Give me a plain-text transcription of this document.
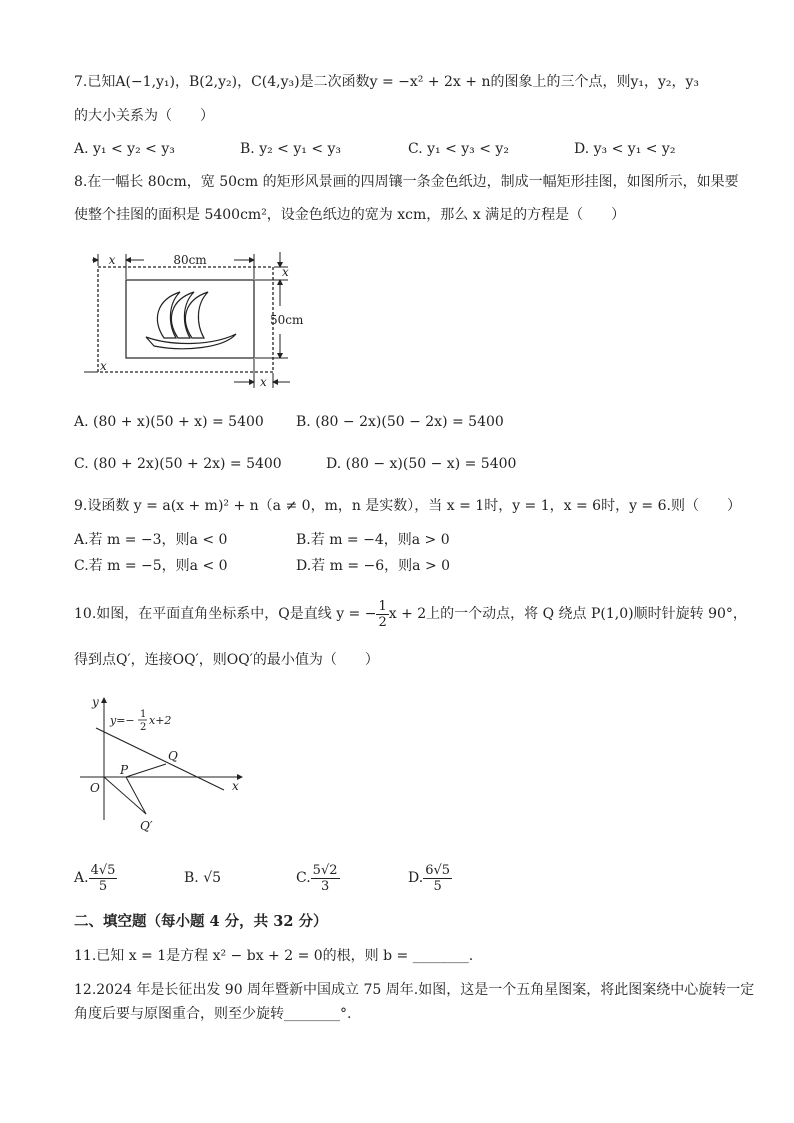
7.已知A(−1,y₁)，B(2,y₂)，C(4,y₃)是二次函数y = −x² + 2x + n的图象上的三个点，则y₁，y₂，y₃
的大小关系为（　　）
A. y₁ < y₂ < y₃	B. y₂ < y₁ < y₃	C. y₁ < y₃ < y₂	D. y₃ < y₁ < y₂
8.在一幅长 80cm，宽 50cm 的矩形风景画的四周镶一条金色纸边，制成一幅矩形挂图，如图所示，如果要
使整个挂图的面积是 5400cm²，设金色纸边的宽为 xcm，那么 x 满足的方程是（　　）
x	80cm
x
50cm
x
x
A. (80 + x)(50 + x) = 5400 B. (80 − 2x)(50 − 2x) = 5400
C. (80 + 2x)(50 + 2x) = 5400	D. (80 − x)(50 − x) = 5400
9.设函数 y = a(x + m)² + n（a ≠ 0，m，n 是实数），当 x = 1时，y = 1，x = 6时，y = 6.则（　　）
A.若 m = −3，则a < 0	B.若 m = −4，则a > 0
C.若 m = −5，则a < 0	D.若 m = −6，则a > 0
10.如图，在平面直角坐标系中，Q是直线 y = − $\frac{1}{2}$ x + 2上的一个动点，将 Q 绕点 P(1,0)顺时针旋转 90°，
得到点Q′，连接OQ′，则OQ′的最小值为（　　）
y
x
O
y=− 1
2
x+2
P
Q
Q′
A. $\frac{4√5}{5}$	B. √5	C. $\frac{5√2}{3}$	D. $\frac{6√5}{5}$
二、填空题（每小题 4 分，共 32 分）
11.已知 x = 1是方程 x² − bx + 2 = 0的根，则 b = ________.
12.2024 年是长征出发 90 周年暨新中国成立 75 周年.如图，这是一个五角星图案，将此图案绕中心旋转一定
角度后要与原图重合，则至少旋转________°.
